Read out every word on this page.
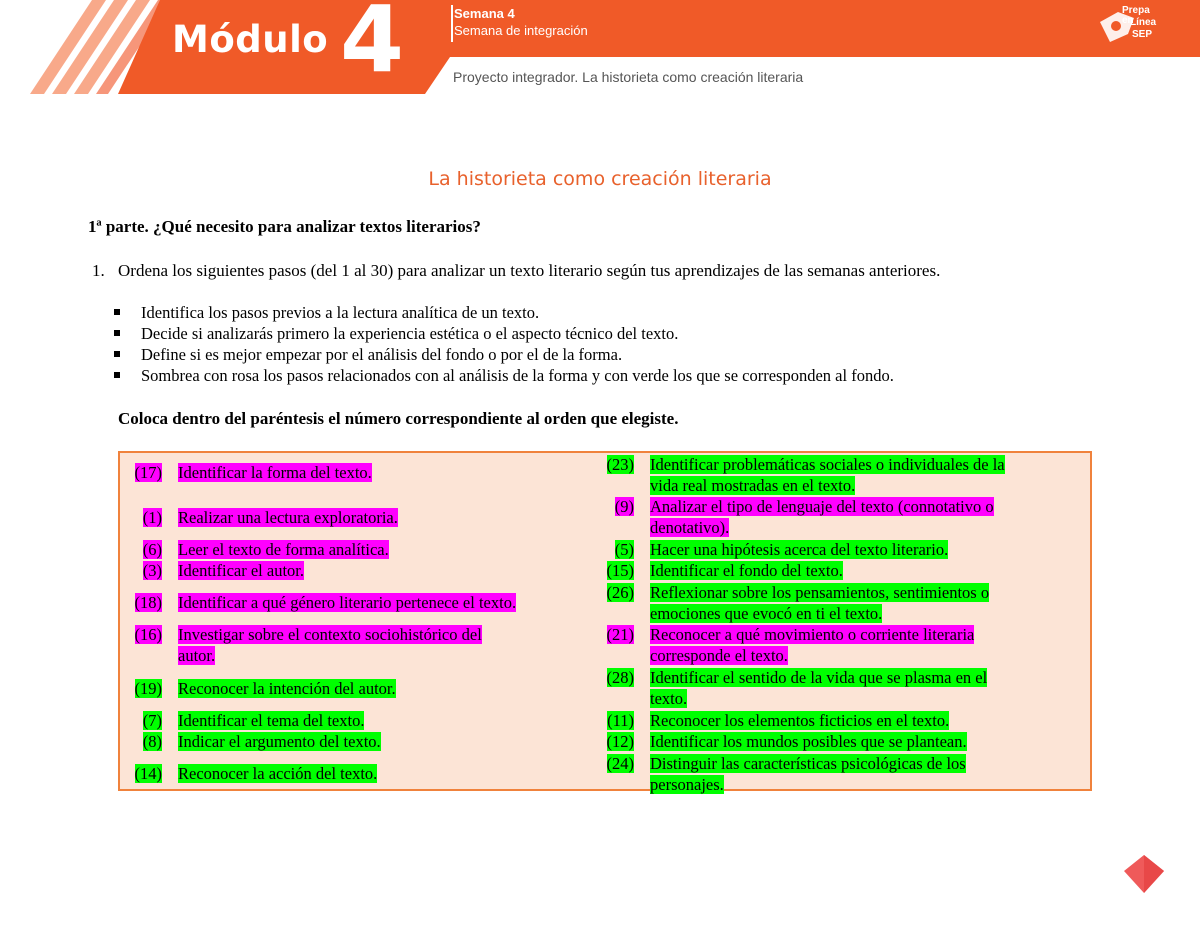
Módulo 4	Semana 4
Semana de integración
Proyecto integrador. La historieta como creación literaria
Prepa en
Línea
SEP
La historieta como creación literaria
1ª parte. ¿Qué necesito para analizar textos literarios?
1. Ordena los siguientes pasos (del 1 al 30) para analizar un texto literario según tus aprendizajes de las semanas anteriores.
Identifica los pasos previos a la lectura analítica de un texto.
Decide si analizarás primero la experiencia estética o el aspecto técnico del texto.
Define si es mejor empezar por el análisis del fondo o por el de la forma.
Sombrea con rosa los pasos relacionados con al análisis de la forma y con verde los que se corresponden al fondo.
Coloca dentro del paréntesis el número correspondiente al orden que elegiste.
(17) Identificar la forma del texto.
(1) Realizar una lectura exploratoria.
(6) Leer el texto de forma analítica.
(3) Identificar el autor.
(18) Identificar a qué género literario pertenece el texto.
(16) Investigar sobre el contexto sociohistórico del
autor.
(19) Reconocer la intención del autor.
(7) Identificar el tema del texto.
(8) Indicar el argumento del texto.
(14) Reconocer la acción del texto.
(23) Identificar problemáticas sociales o individuales de la
vida real mostradas en el texto.
(9) Analizar el tipo de lenguaje del texto (connotativo o
denotativo).
(5) Hacer una hipótesis acerca del texto literario.
(15) Identificar el fondo del texto.
(26) Reflexionar sobre los pensamientos, sentimientos o
emociones que evocó en ti el texto.
(21) Reconocer a qué movimiento o corriente literaria
corresponde el texto.
(28) Identificar el sentido de la vida que se plasma en el
texto.
(11) Reconocer los elementos ficticios en el texto.
(12) Identificar los mundos posibles que se plantean.
(24) Distinguir las características psicológicas de los
personajes.
